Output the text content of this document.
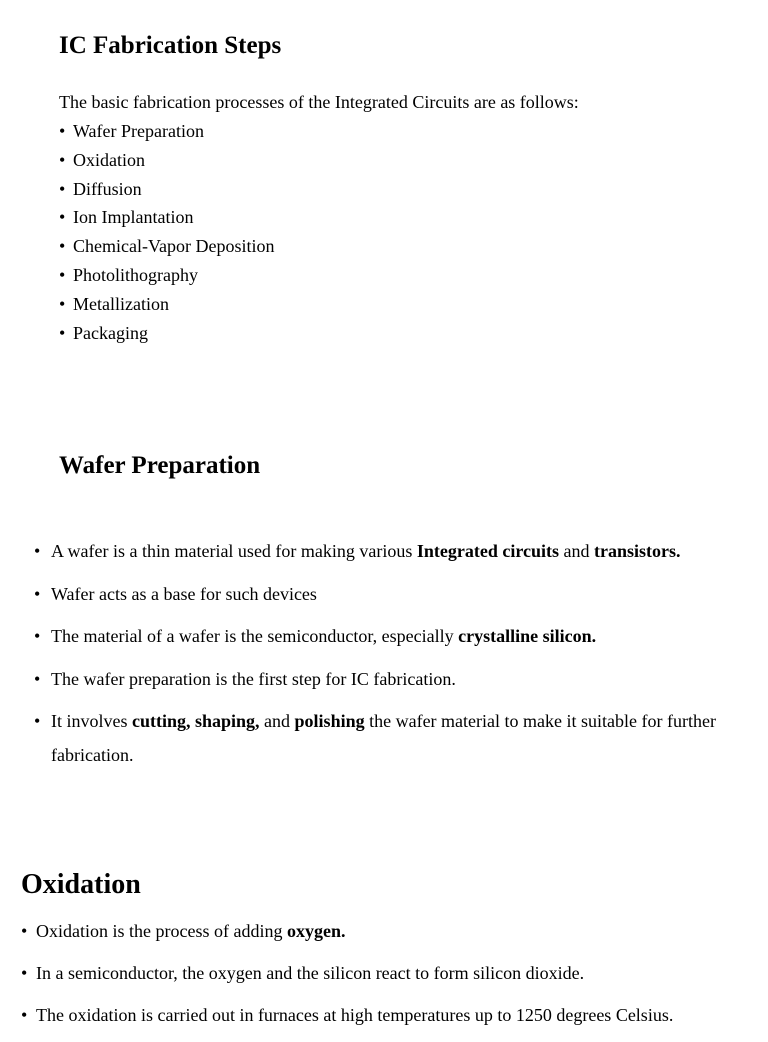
IC Fabrication Steps

The basic fabrication processes of the Integrated Circuits are as follows:

• Wafer Preparation
• Oxidation
• Diffusion
• Ion Implantation
• Chemical-Vapor Deposition
• Photolithography
• Metallization
• Packaging
Wafer Preparation
• A wafer is a thin material used for making various Integrated circuits and transistors.
• Wafer acts as a base for such devices
• The material of a wafer is the semiconductor, especially crystalline silicon.
• The wafer preparation is the first step for IC fabrication.
• It involves cutting, shaping, and polishing the wafer material to make it suitable for further fabrication.
Oxidation
• Oxidation is the process of adding oxygen.
• In a semiconductor, the oxygen and the silicon react to form silicon dioxide.
• The oxidation is carried out in furnaces at high temperatures up to 1250 degrees Celsius.
